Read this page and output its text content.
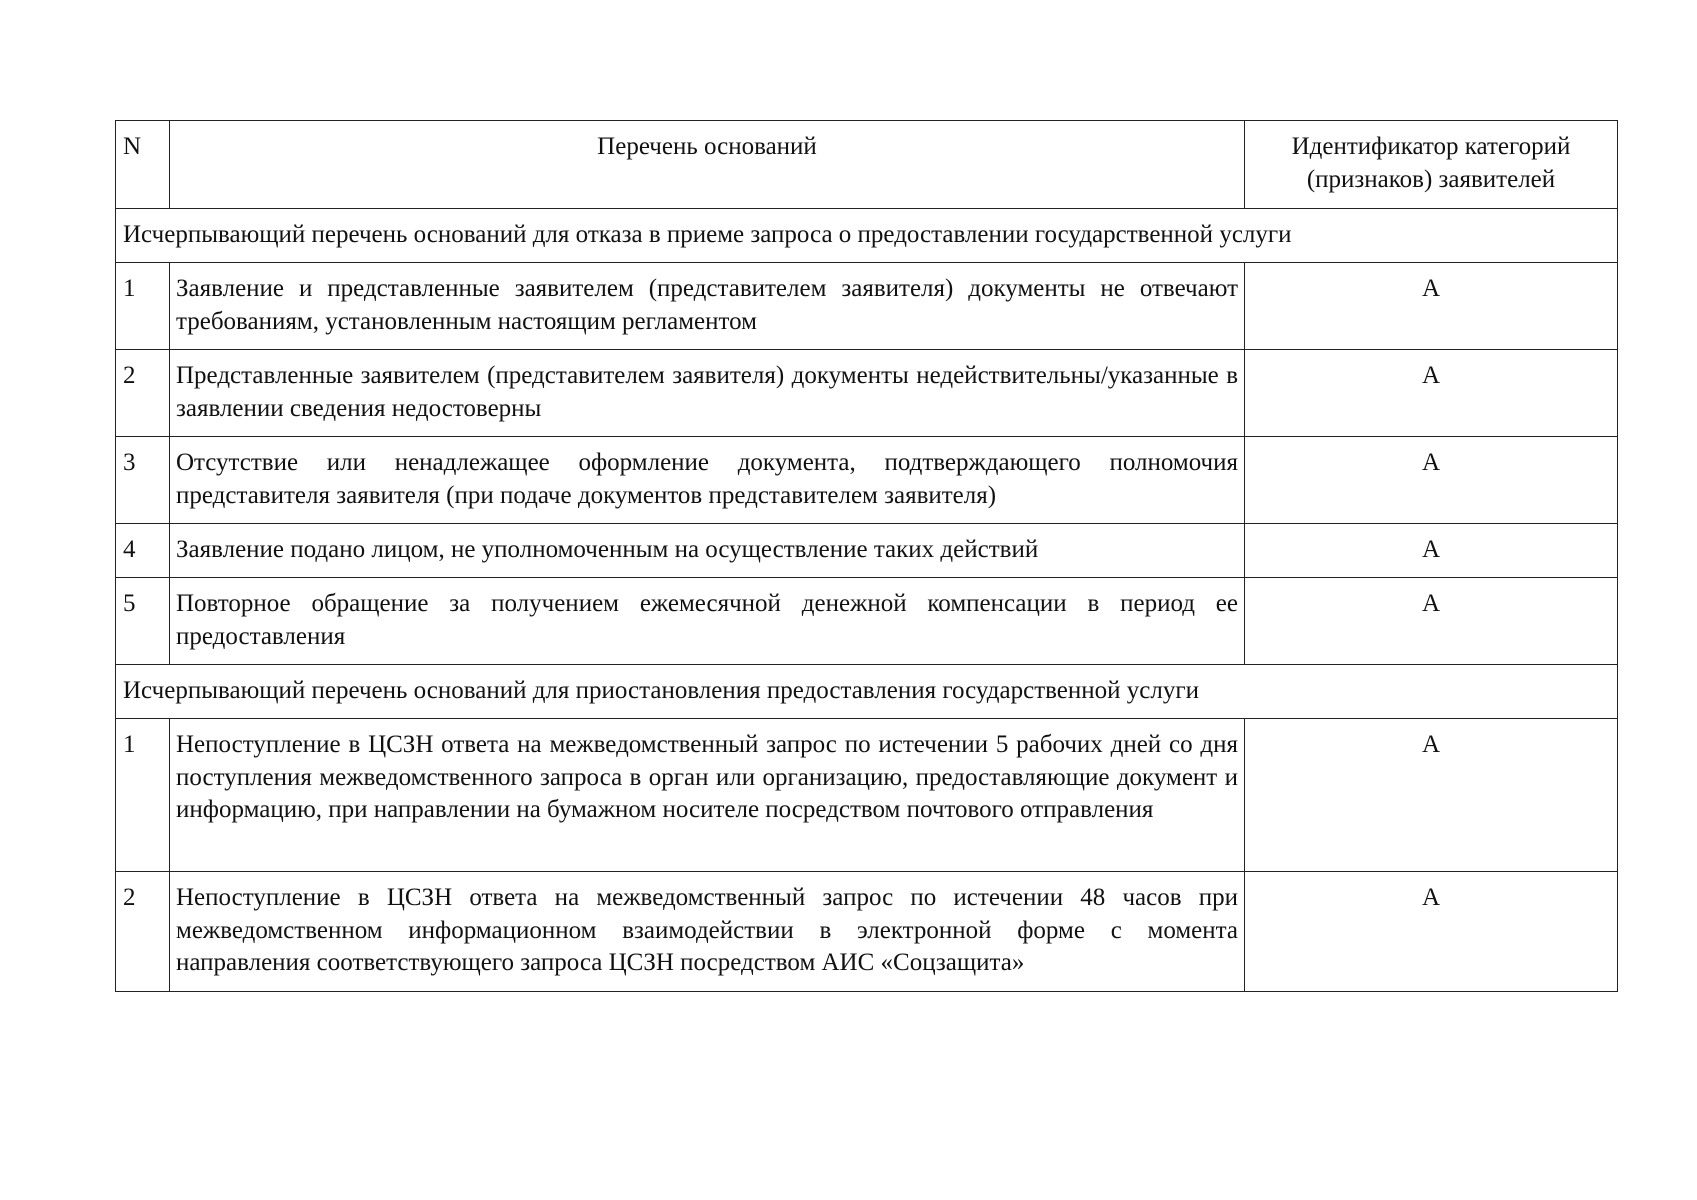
N	Перечень оснований	Идентификатор категорий
(признаков) заявителей
Исчерпывающий перечень оснований для отказа в приеме запроса о предоставлении государственной услуги		
1	Заявление и представленные заявителем (представителем заявителя) документы не отвечают требованиям, установленным настоящим регламентом	А
2	Представленные заявителем (представителем заявителя) документы недействительны/указанные в заявлении сведения недостоверны	А
3	Отсутствие или ненадлежащее оформление документа, подтверждающего полномочия представителя заявителя (при подаче документов представителем заявителя)	А
4	Заявление подано лицом, не уполномоченным на осуществление таких действий	А
5	Повторное обращение за получением ежемесячной денежной компенсации в период ее предоставления	А
Исчерпывающий перечень оснований для приостановления предоставления государственной услуги		
1	Непоступление в ЦСЗН ответа на межведомственный запрос по истечении 5 рабочих дней со дня поступления межведомственного запроса в орган или организацию, предоставляющие документ и информацию, при направлении на бумажном носителе посредством почтового отправления	А
2	Непоступление в ЦСЗН ответа на межведомственный запрос по истечении 48 часов при межведомственном информационном взаимодействии в электронной форме с момента направления соответствующего запроса ЦСЗН посредством АИС «Соцзащита»	А
